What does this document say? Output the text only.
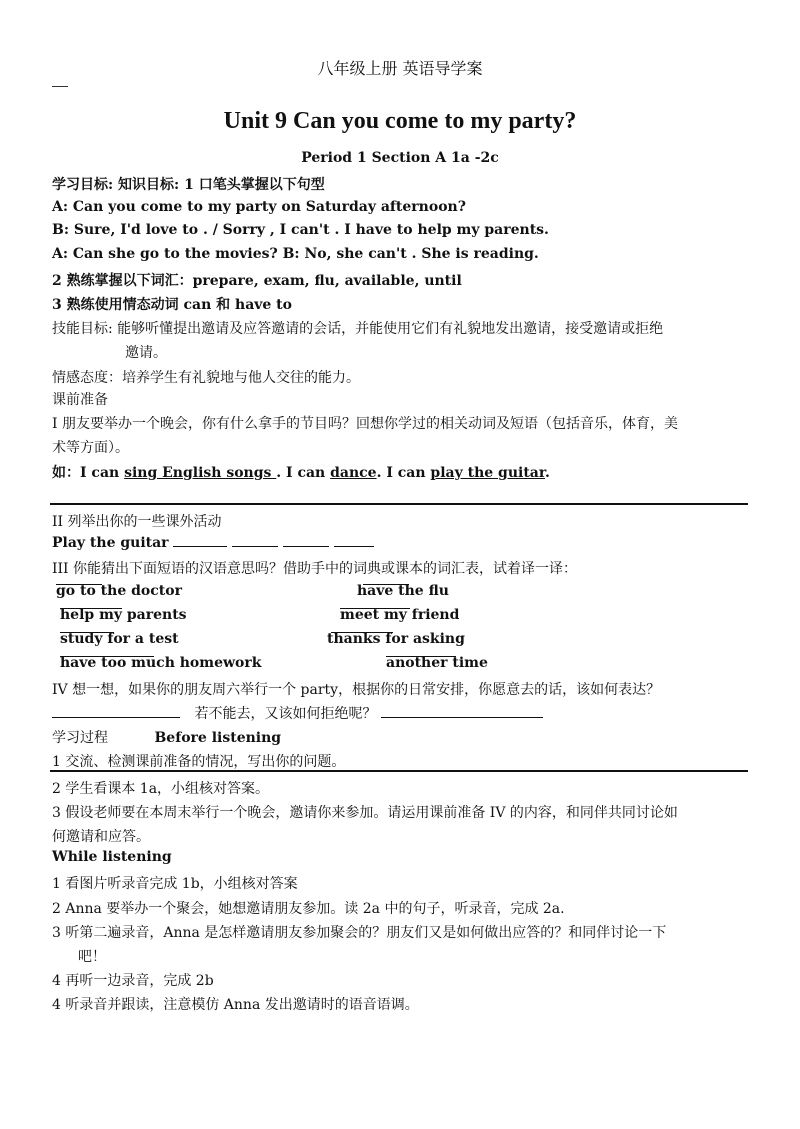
八年级上册 英语导学案
Unit 9 Can you come to my party?
Period 1 Section A 1a -2c
学习目标: 知识目标: 1 口笔头掌握以下句型
A: Can you come to my party on Saturday afternoon?
B: Sure, I'd love to . / Sorry , I can't . I have to help my parents.
A: Can she go to the movies? B: No, she can't . She is reading.
2 熟练掌握以下词汇：prepare, exam, flu, available, until
3 熟练使用情态动词 can 和 have to
技能目标: 能够听懂提出邀请及应答邀请的会话，并能使用它们有礼貌地发出邀请，接受邀请或拒绝
邀请。
情感态度：培养学生有礼貌地与他人交往的能力。
课前准备
I 朋友要举办一个晚会，你有什么拿手的节目吗？回想你学过的相关动词及短语（包括音乐，体育，美
术等方面）。
如：I can sing English songs . I can dance. I can play the guitar.
II 列举出你的一些课外活动
Play the guitar
III 你能猜出下面短语的汉语意思吗？借助手中的词典或课本的词汇表，试着译一译：
go to the doctor	have the flu
help my parents	meet my friend
study for a test	thanks for asking
have too much homework	another time
IV 想一想，如果你的朋友周六举行一个 party，根据你的日常安排，你愿意去的话，该如何表达？
若不能去，又该如何拒绝呢？
学习过程	Before listening
1 交流、检测课前准备的情况，写出你的问题。
2 学生看课本 1a，小组核对答案。
3 假设老师要在本周末举行一个晚会，邀请你来参加。请运用课前准备 IV 的内容，和同伴共同讨论如
何邀请和应答。
While listening
1 看图片听录音完成 1b，小组核对答案
2 Anna 要举办一个聚会，她想邀请朋友参加。读 2a 中的句子，听录音，完成 2a.
3 听第二遍录音，Anna 是怎样邀请朋友参加聚会的？朋友们又是如何做出应答的？和同伴讨论一下
吧！
4 再听一边录音，完成 2b
4 听录音并跟读，注意模仿 Anna 发出邀请时的语音语调。
